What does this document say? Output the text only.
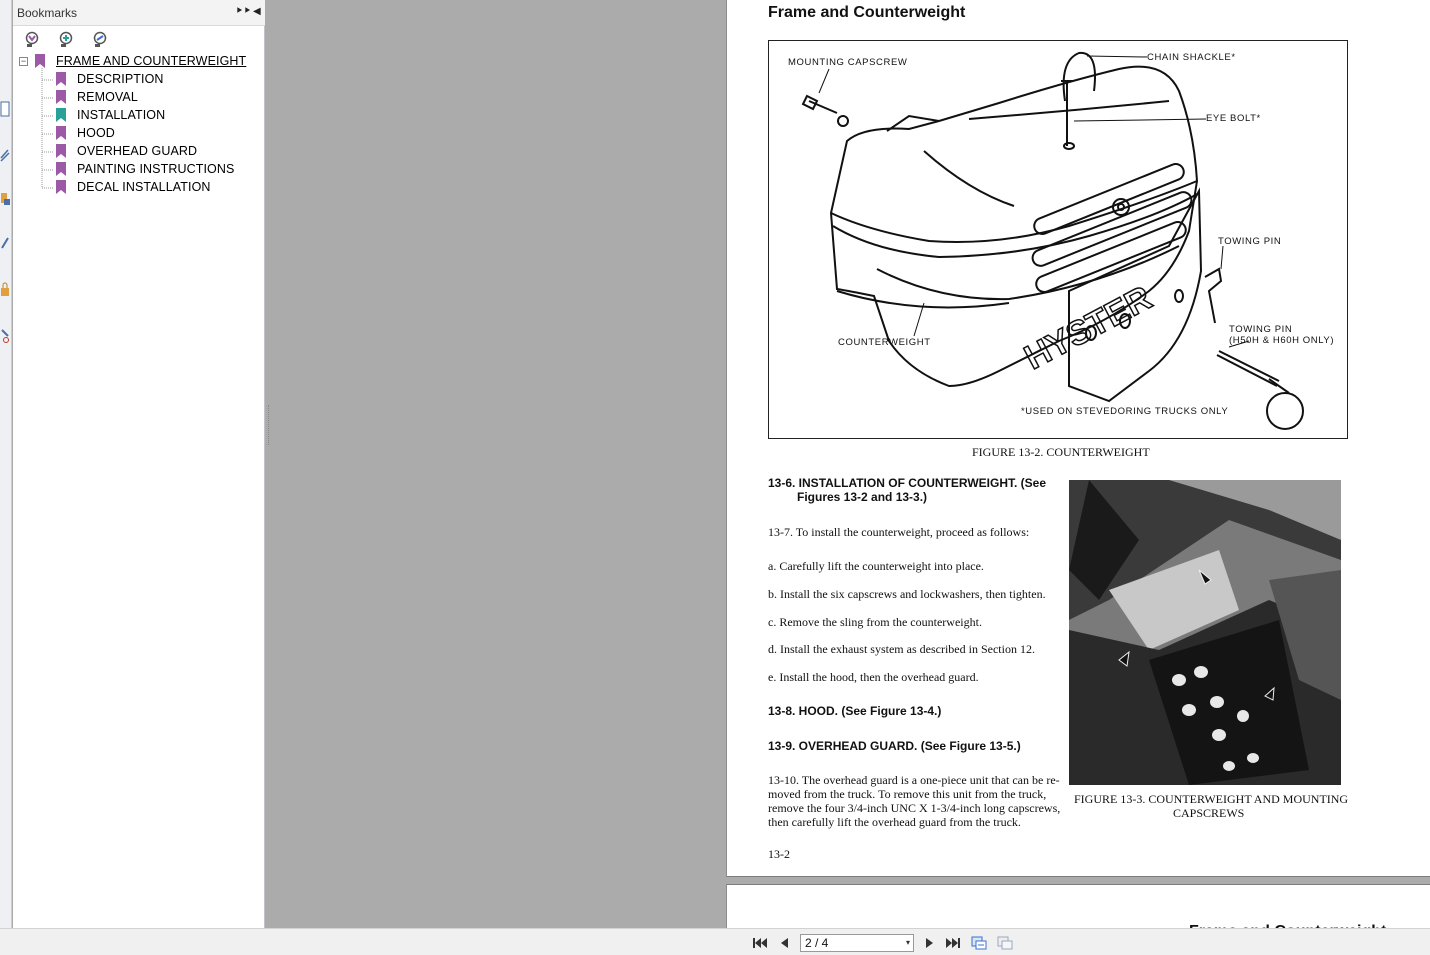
Bookmarks	⯈⯈ ◀
− FRAME AND COUNTERWEIGHT
DESCRIPTION
REMOVAL
INSTALLATION
HOOD
OVERHEAD GUARD
PAINTING INSTRUCTIONS
DECAL INSTALLATION
Frame and Counterweight
HYSTER
MOUNTING CAPSCREW	CHAIN SHACKLE*
EYE BOLT*
TOWING PIN
TOWING PIN
(H50H & H60H ONLY)
COUNTERWEIGHT
*USED ON STEVEDORING TRUCKS ONLY
FIGURE 13-2. COUNTERWEIGHT
13-6. INSTALLATION OF COUNTERWEIGHT. (See
Figures 13-2 and 13-3.)
13-7. To install the counterweight, proceed as follows:
a. Carefully lift the counterweight into place.
b. Install the six capscrews and lockwashers, then tighten.
c. Remove the sling from the counterweight.
d. Install the exhaust system as described in Section 12.
e. Install the hood, then the overhead guard.
13-8. HOOD. (See Figure 13-4.)
13-9. OVERHEAD GUARD. (See Figure 13-5.)
13-10. The overhead guard is a one-piece unit that can be re-
moved from the truck. To remove this unit from the truck,
remove the four 3/4-inch UNC X 1-3/4-inch long capscrews,
then carefully lift the overhead guard from the truck.
13-2
FIGURE 13-3. COUNTERWEIGHT AND MOUNTING
CAPSCREWS
2 / 4	▾
